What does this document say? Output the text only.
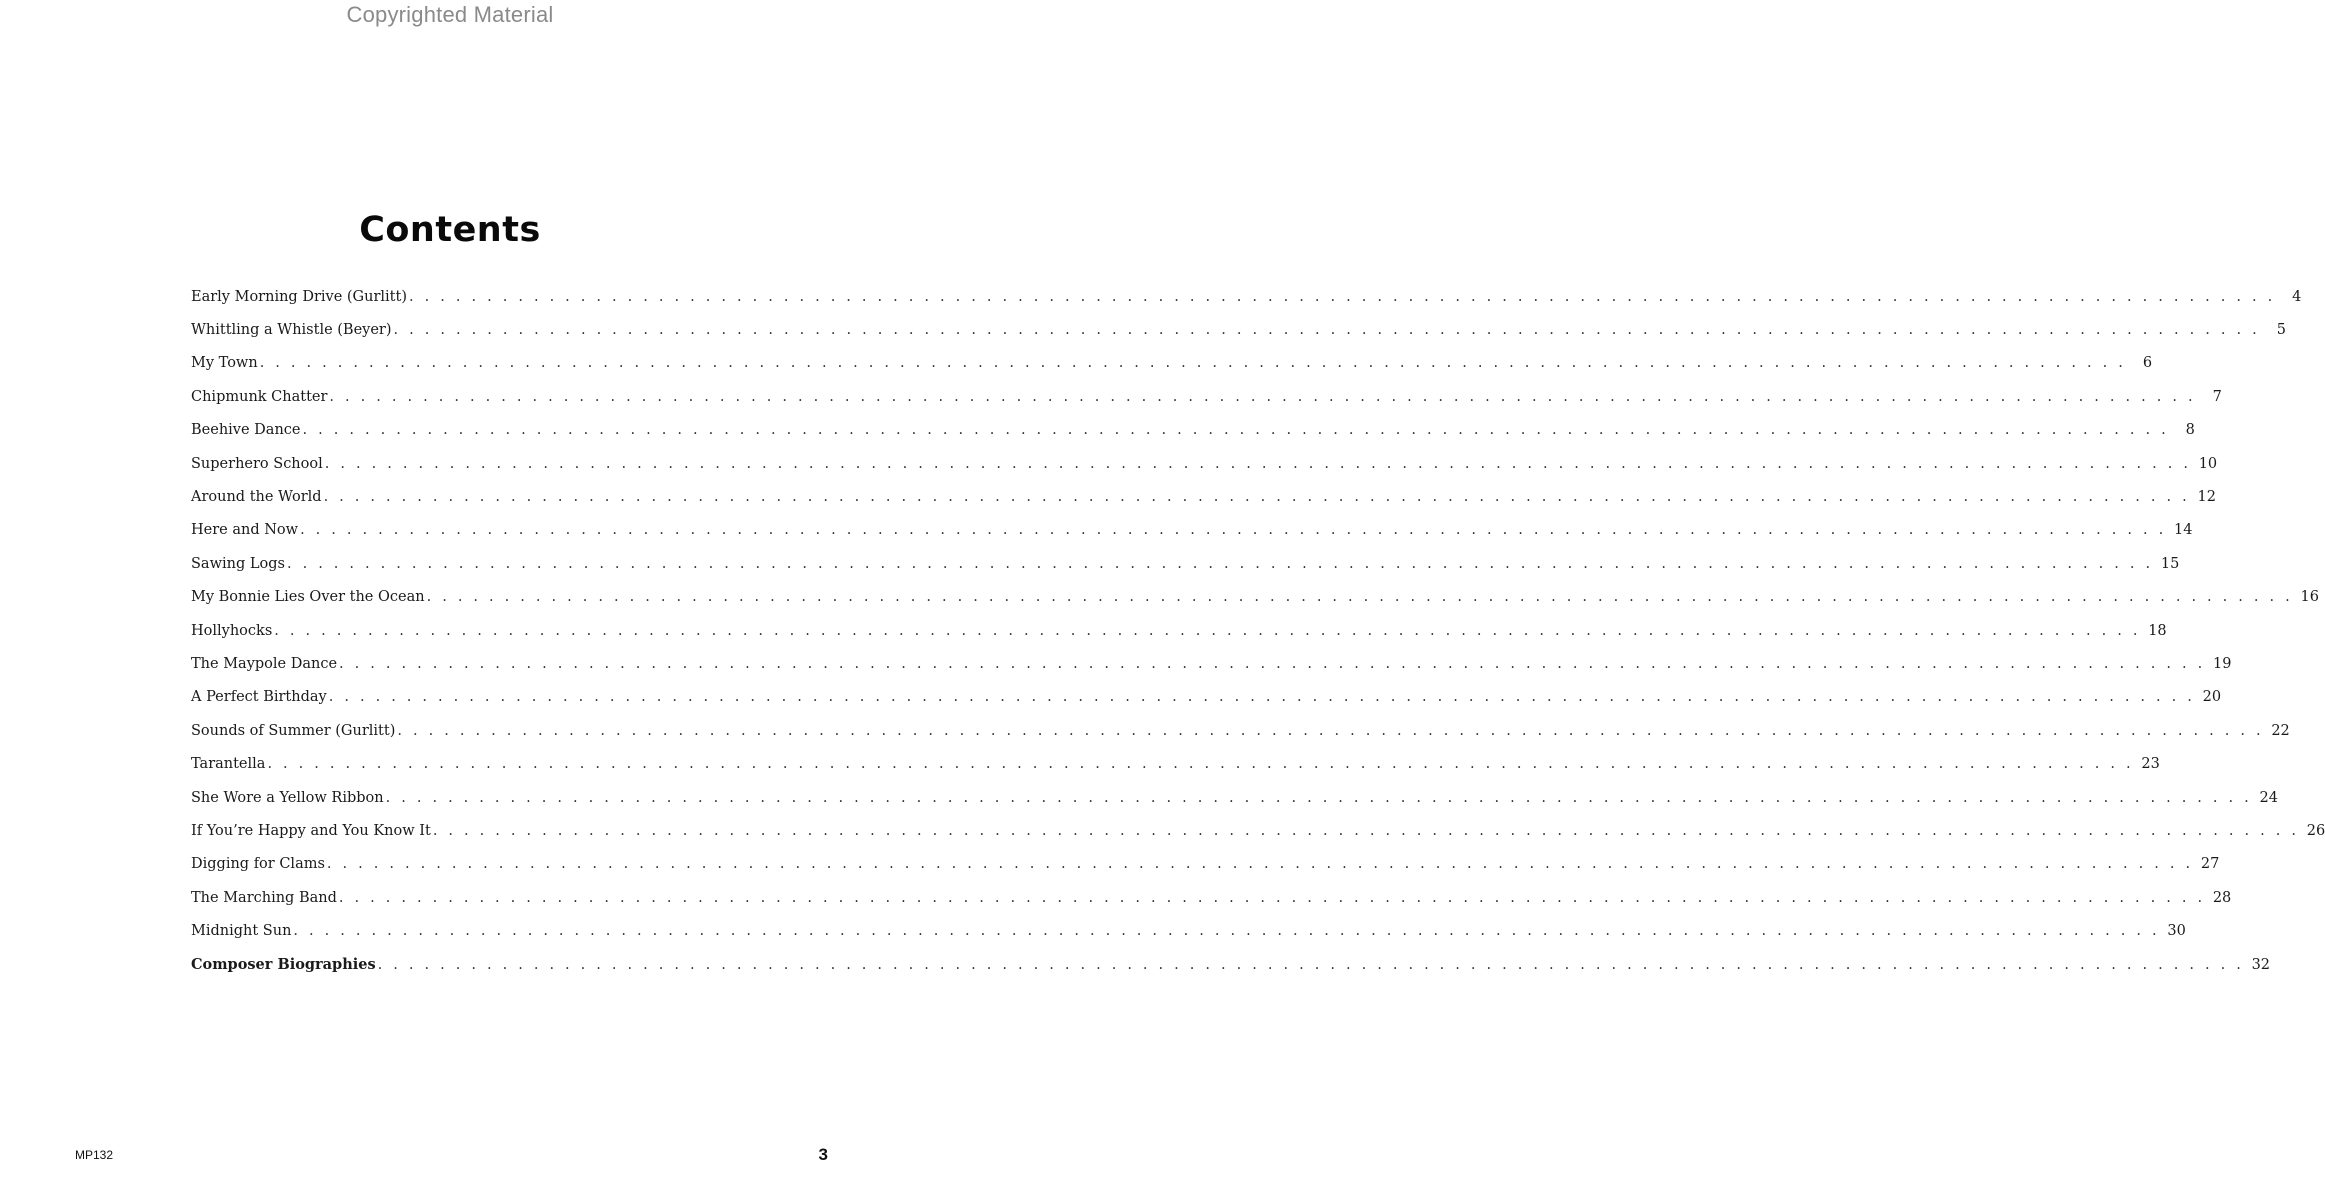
Copyrighted Material
Contents
Early Morning Drive (Gurlitt) . . . . . . . . . . . . . . . . . . . . . . . . . . . . . . . . . . . . . . . . . . . . . . . . . . . . . . . . . . . . . . . . . . . . . . . . . . . . . . . . . . . . . . . . . . . . . . . . . . . . . . . . . . . . . . . . . . . . . . . .	4
Whittling a Whistle (Beyer) . . . . . . . . . . . . . . . . . . . . . . . . . . . . . . . . . . . . . . . . . . . . . . . . . . . . . . . . . . . . . . . . . . . . . . . . . . . . . . . . . . . . . . . . . . . . . . . . . . . . . . . . . . . . . . . . . . . . . . . .	5
My Town . . . . . . . . . . . . . . . . . . . . . . . . . . . . . . . . . . . . . . . . . . . . . . . . . . . . . . . . . . . . . . . . . . . . . . . . . . . . . . . . . . . . . . . . . . . . . . . . . . . . . . . . . . . . . . . . . . . . . . . .	6
Chipmunk Chatter . . . . . . . . . . . . . . . . . . . . . . . . . . . . . . . . . . . . . . . . . . . . . . . . . . . . . . . . . . . . . . . . . . . . . . . . . . . . . . . . . . . . . . . . . . . . . . . . . . . . . . . . . . . . . . . . . . . . . . . .	7
Beehive Dance . . . . . . . . . . . . . . . . . . . . . . . . . . . . . . . . . . . . . . . . . . . . . . . . . . . . . . . . . . . . . . . . . . . . . . . . . . . . . . . . . . . . . . . . . . . . . . . . . . . . . . . . . . . . . . . . . . . . . . . .	8
Superhero School . . . . . . . . . . . . . . . . . . . . . . . . . . . . . . . . . . . . . . . . . . . . . . . . . . . . . . . . . . . . . . . . . . . . . . . . . . . . . . . . . . . . . . . . . . . . . . . . . . . . . . . . . . . . . . . . . . . . . . . . 10
Around the World . . . . . . . . . . . . . . . . . . . . . . . . . . . . . . . . . . . . . . . . . . . . . . . . . . . . . . . . . . . . . . . . . . . . . . . . . . . . . . . . . . . . . . . . . . . . . . . . . . . . . . . . . . . . . . . . . . . . . . . . 12
Here and Now . . . . . . . . . . . . . . . . . . . . . . . . . . . . . . . . . . . . . . . . . . . . . . . . . . . . . . . . . . . . . . . . . . . . . . . . . . . . . . . . . . . . . . . . . . . . . . . . . . . . . . . . . . . . . . . . . . . . . . . . 14
Sawing Logs . . . . . . . . . . . . . . . . . . . . . . . . . . . . . . . . . . . . . . . . . . . . . . . . . . . . . . . . . . . . . . . . . . . . . . . . . . . . . . . . . . . . . . . . . . . . . . . . . . . . . . . . . . . . . . . . . . . . . . . . 15
My Bonnie Lies Over the Ocean . . . . . . . . . . . . . . . . . . . . . . . . . . . . . . . . . . . . . . . . . . . . . . . . . . . . . . . . . . . . . . . . . . . . . . . . . . . . . . . . . . . . . . . . . . . . . . . . . . . . . . . . . . . . . . . . . . . . . . . . 16
Hollyhocks . . . . . . . . . . . . . . . . . . . . . . . . . . . . . . . . . . . . . . . . . . . . . . . . . . . . . . . . . . . . . . . . . . . . . . . . . . . . . . . . . . . . . . . . . . . . . . . . . . . . . . . . . . . . . . . . . . . . . . . . 18
The Maypole Dance . . . . . . . . . . . . . . . . . . . . . . . . . . . . . . . . . . . . . . . . . . . . . . . . . . . . . . . . . . . . . . . . . . . . . . . . . . . . . . . . . . . . . . . . . . . . . . . . . . . . . . . . . . . . . . . . . . . . . . . . 19
A Perfect Birthday . . . . . . . . . . . . . . . . . . . . . . . . . . . . . . . . . . . . . . . . . . . . . . . . . . . . . . . . . . . . . . . . . . . . . . . . . . . . . . . . . . . . . . . . . . . . . . . . . . . . . . . . . . . . . . . . . . . . . . . . 20
Sounds of Summer (Gurlitt) . . . . . . . . . . . . . . . . . . . . . . . . . . . . . . . . . . . . . . . . . . . . . . . . . . . . . . . . . . . . . . . . . . . . . . . . . . . . . . . . . . . . . . . . . . . . . . . . . . . . . . . . . . . . . . . . . . . . . . . . 22
Tarantella . . . . . . . . . . . . . . . . . . . . . . . . . . . . . . . . . . . . . . . . . . . . . . . . . . . . . . . . . . . . . . . . . . . . . . . . . . . . . . . . . . . . . . . . . . . . . . . . . . . . . . . . . . . . . . . . . . . . . . . . 23
She Wore a Yellow Ribbon . . . . . . . . . . . . . . . . . . . . . . . . . . . . . . . . . . . . . . . . . . . . . . . . . . . . . . . . . . . . . . . . . . . . . . . . . . . . . . . . . . . . . . . . . . . . . . . . . . . . . . . . . . . . . . . . . . . . . . . . 24
If You’re Happy and You Know It . . . . . . . . . . . . . . . . . . . . . . . . . . . . . . . . . . . . . . . . . . . . . . . . . . . . . . . . . . . . . . . . . . . . . . . . . . . . . . . . . . . . . . . . . . . . . . . . . . . . . . . . . . . . . . . . . . . . . . . . 26
Digging for Clams . . . . . . . . . . . . . . . . . . . . . . . . . . . . . . . . . . . . . . . . . . . . . . . . . . . . . . . . . . . . . . . . . . . . . . . . . . . . . . . . . . . . . . . . . . . . . . . . . . . . . . . . . . . . . . . . . . . . . . . . 27
The Marching Band . . . . . . . . . . . . . . . . . . . . . . . . . . . . . . . . . . . . . . . . . . . . . . . . . . . . . . . . . . . . . . . . . . . . . . . . . . . . . . . . . . . . . . . . . . . . . . . . . . . . . . . . . . . . . . . . . . . . . . . . 28
Midnight Sun . . . . . . . . . . . . . . . . . . . . . . . . . . . . . . . . . . . . . . . . . . . . . . . . . . . . . . . . . . . . . . . . . . . . . . . . . . . . . . . . . . . . . . . . . . . . . . . . . . . . . . . . . . . . . . . . . . . . . . . . 30
Composer Biographies . . . . . . . . . . . . . . . . . . . . . . . . . . . . . . . . . . . . . . . . . . . . . . . . . . . . . . . . . . . . . . . . . . . . . . . . . . . . . . . . . . . . . . . . . . . . . . . . . . . . . . . . . . . . . . . . . . . . . . . . 32
MP132	3
